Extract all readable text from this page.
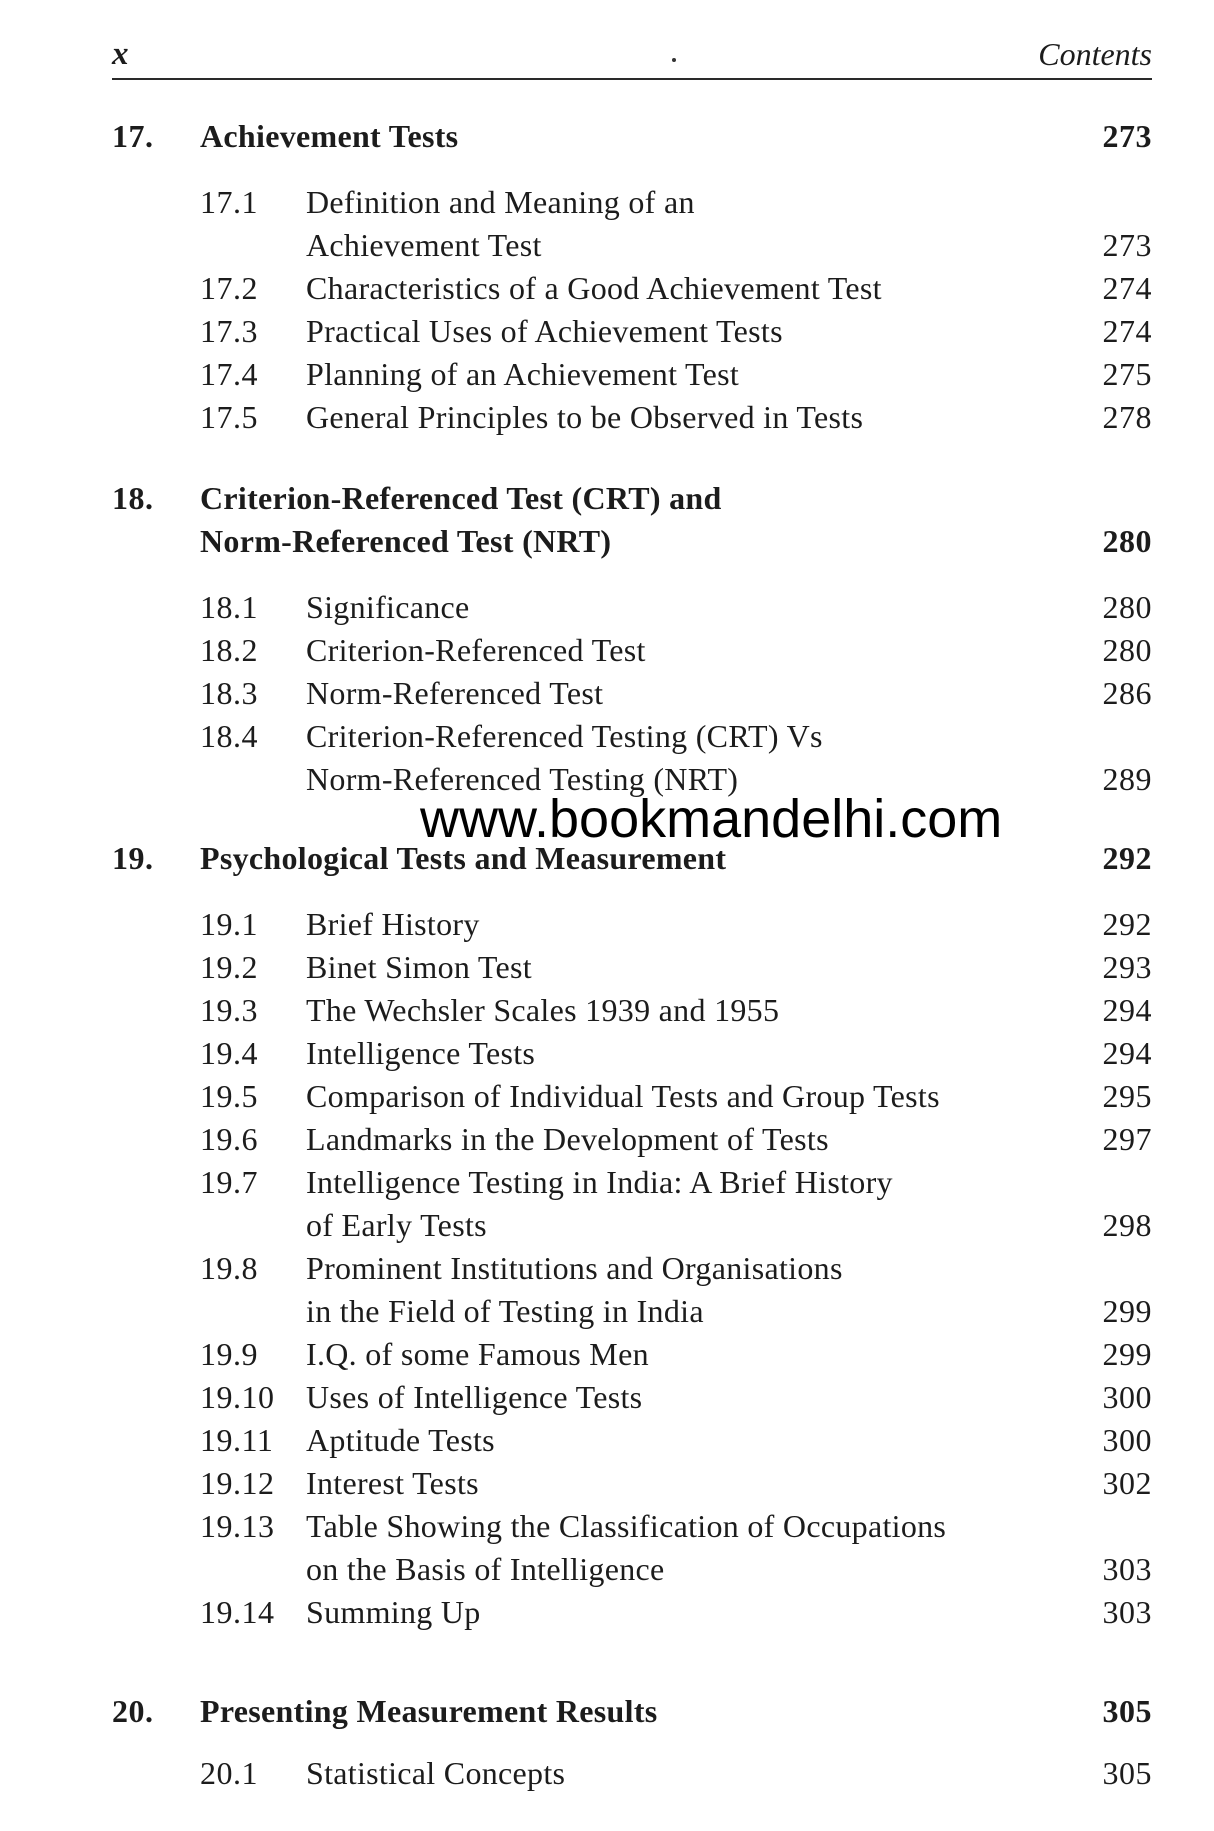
x	Contents
17. Achievement Tests	273
17.1 Definition and Meaning of an
Achievement Test	273
17.2 Characteristics of a Good Achievement Test	274
17.3 Practical Uses of Achievement Tests	274
17.4 Planning of an Achievement Test	275
17.5 General Principles to be Observed in Tests	278
18. Criterion-Referenced Test (CRT) and
Norm-Referenced Test (NRT)	280
18.1 Significance	280
18.2 Criterion-Referenced Test	280
18.3 Norm-Referenced Test	286
18.4 Criterion-Referenced Testing (CRT) Vs
Norm-Referenced Testing (NRT)	289
19. Psychological Tests and Measurement	292
19.1 Brief History	292
19.2 Binet Simon Test	293
19.3 The Wechsler Scales 1939 and 1955	294
19.4 Intelligence Tests	294
19.5 Comparison of Individual Tests and Group Tests	295
19.6 Landmarks in the Development of Tests	297
19.7 Intelligence Testing in India: A Brief History
of Early Tests	298
19.8 Prominent Institutions and Organisations
in the Field of Testing in India	299
19.9 I.Q. of some Famous Men	299
19.10 Uses of Intelligence Tests	300
19.11 Aptitude Tests	300
19.12 Interest Tests	302
19.13 Table Showing the Classification of Occupations
on the Basis of Intelligence	303
19.14 Summing Up	303
20. Presenting Measurement Results	305
20.1 Statistical Concepts	305
www.bookmandelhi.com
